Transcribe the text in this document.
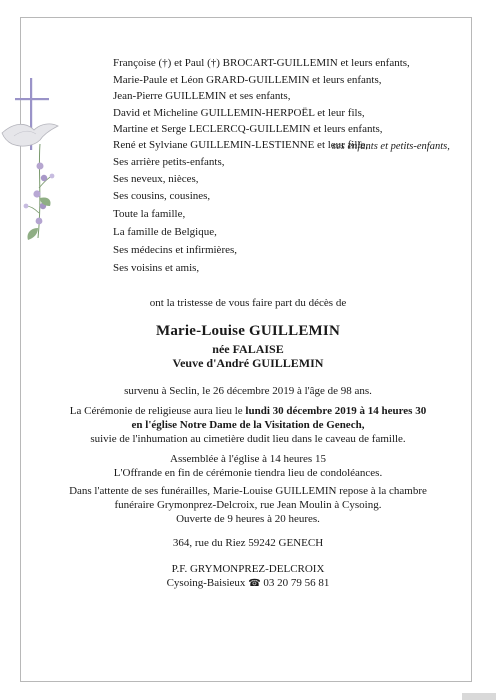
Françoise (†) et Paul (†) BROCART-GUILLEMIN et leurs enfants,
Marie-Paule et Léon GRARD-GUILLEMIN et leurs enfants,
Jean-Pierre GUILLEMIN et ses enfants,
David et Micheline GUILLEMIN-HERPOËL et leur fils,
Martine et Serge LECLERCQ-GUILLEMIN et leurs enfants,
René et Sylviane GUILLEMIN-LESTIENNE et leur fille,
ses enfants et petits-enfants,
Ses arrière petits-enfants,
Ses neveux, nièces,
Ses cousins, cousines,
Toute la famille,
La famille de Belgique,
Ses médecins et infirmières,
Ses voisins et amis,
ont la tristesse de vous faire part du décès de
Marie-Louise GUILLEMIN
née FALAISE
Veuve d'André GUILLEMIN
survenu à Seclin, le 26 décembre 2019 à l'âge de 98 ans.
La Cérémonie de religieuse aura lieu le lundi 30 décembre 2019 à 14 heures 30
en l'église Notre Dame de la Visitation de Genech,
suivie de l'inhumation au cimetière dudit lieu dans le caveau de famille.
Assemblée à l'église à 14 heures 15
L'Offrande en fin de cérémonie tiendra lieu de condoléances.
Dans l'attente de ses funérailles, Marie-Louise GUILLEMIN repose à la chambre
funéraire Grymonprez-Delcroix, rue Jean Moulin à Cysoing.
Ouverte de 9 heures à 20 heures.
364, rue du Riez 59242 GENECH
P.F. GRYMONPREZ-DELCROIX
Cysoing-Baisieux ☎ 03 20 79 56 81
